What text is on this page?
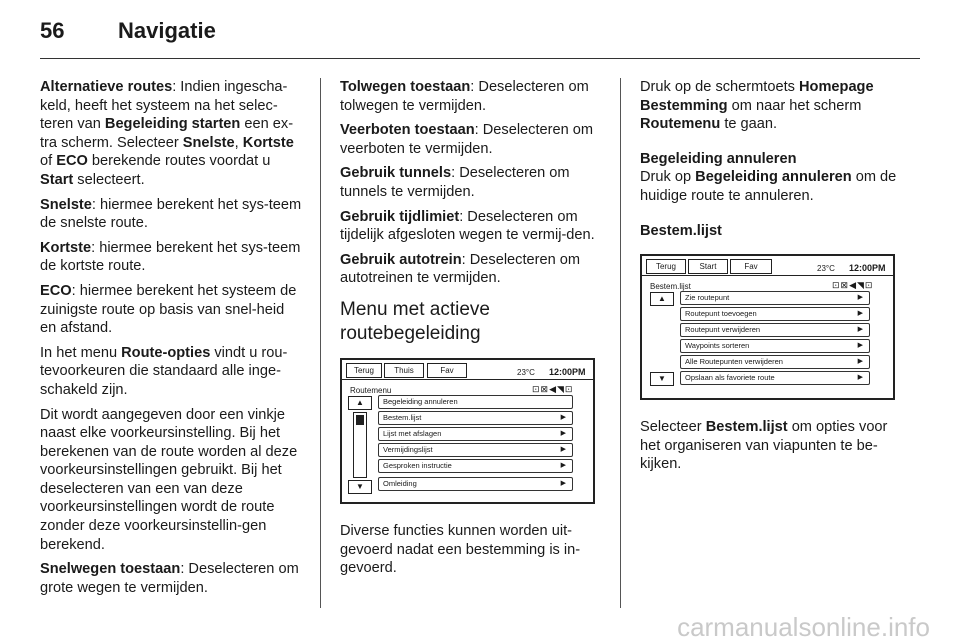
56 Navigatie

Alternatieve routes: Indien ingescha-keld, heeft het systeem na het selec-teren van Begeleiding starten een ex-tra scherm. Selecteer Snelste, Kortste of ECO berekende routes voordat u Start selecteert.

Snelste: hiermee berekent het sys-teem de snelste route.

Kortste: hiermee berekent het sys-teem de kortste route.

ECO: hiermee berekent het systeem de zuinigste route op basis van snel-heid en afstand.

In het menu Route-opties vindt u rou-tevoorkeuren die standaard alle inge-schakeld zijn.

Dit wordt aangegeven door een vinkje naast elke voorkeursinstelling. Bij het berekenen van de route worden al deze voorkeursinstellingen gebruikt. Bij het deselecteren van een van deze voorkeursinstellingen wordt de route zonder deze voorkeursinstellin-gen berekend.

Snelwegen toestaan: Deselecteren om grote wegen te vermijden.

Tolwegen toestaan: Deselecteren om tolwegen te vermijden.

Veerboten toestaan: Deselecteren om veerboten te vermijden.

Gebruik tunnels: Deselecteren om tunnels te vermijden.

Gebruik tijdlimiet: Deselecteren om tijdelijk afgesloten wegen te vermij-den.

Gebruik autotrein: Deselecteren om autotreinen te vermijden.

Menu met actieve routebegeleiding
Terug	Thuis	Fav	23°C 12:00PM
Routemenu	⊡⊠◀◥⊡
▲
▼
Begeleiding annuleren
Bestem.lijst	▶
Lijst met afslagen	▶
Vermijdingslijst	▶
Gesproken instructie	▶
Omleiding	▶

Diverse functies kunnen worden uit-gevoerd nadat een bestemming is in-gevoerd.

Druk op de schermtoets Homepage Bestemming om naar het scherm Routemenu te gaan.

Begeleiding annuleren

Druk op Begeleiding annuleren om de huidige route te annuleren.

Bestem.lijst

Terug	Start	Fav	23°C 12:00PM
Bestem.lijst	⊡⊠◀◥⊡
▲
▼
Zie routepunt	▶
Routepunt toevoegen	▶
Routepunt verwijderen	▶
Waypoints sorteren	▶
Alle Routepunten verwijderen	▶
Opslaan als favoriete route	▶

Selecteer Bestem.lijst om opties voor het organiseren van viapunten te be-kijken.

carmanualsonline.info
